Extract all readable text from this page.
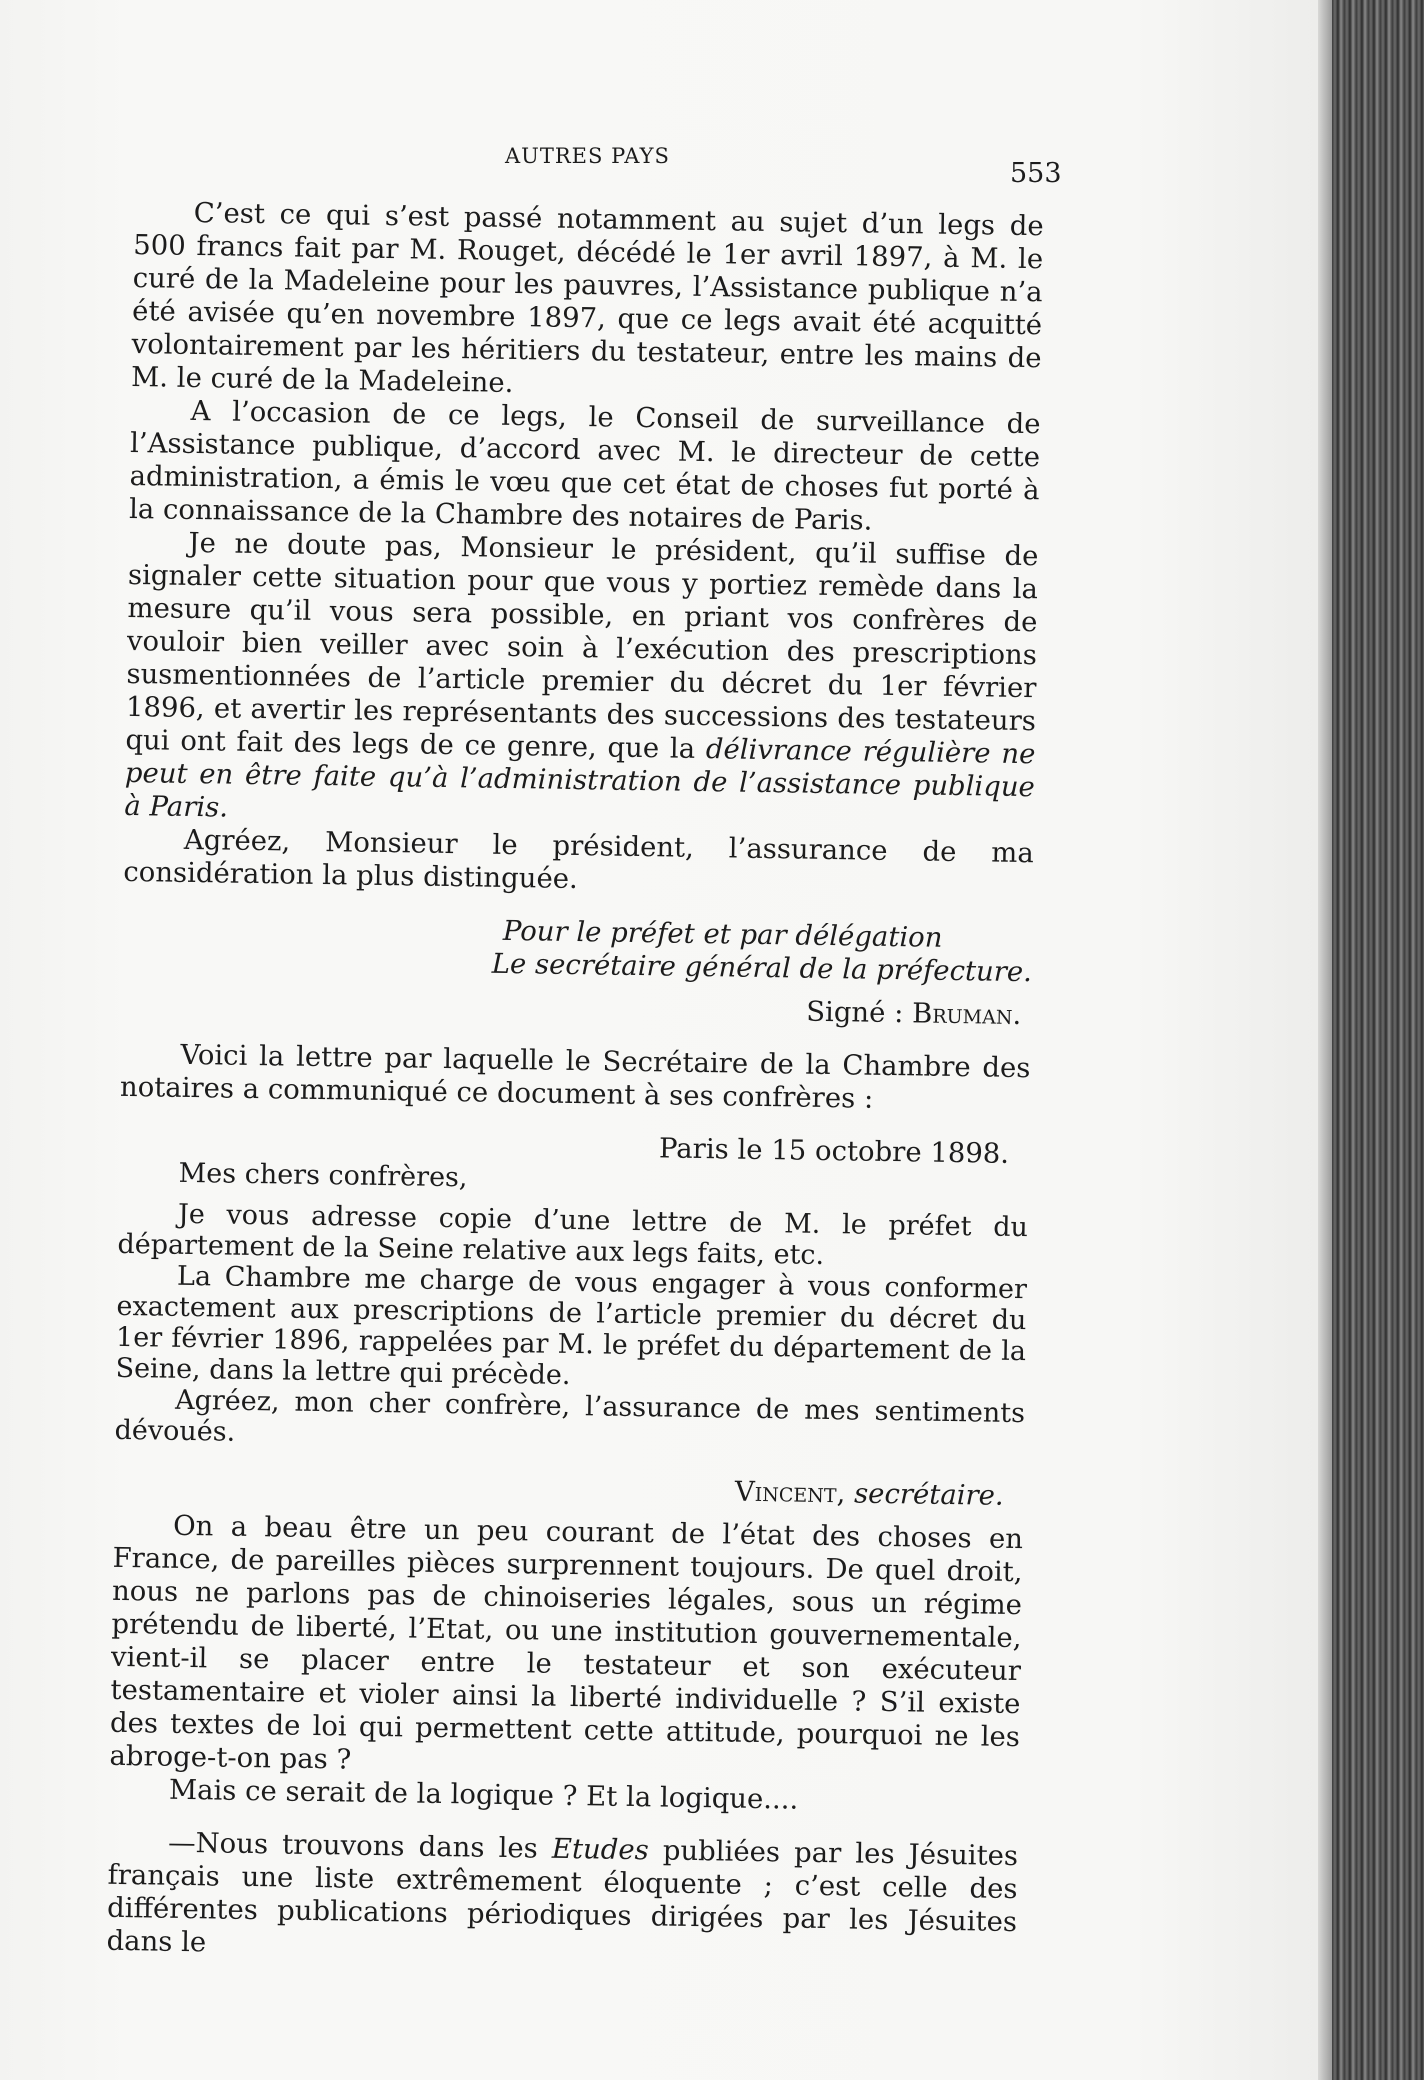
AUTRES PAYS
553

C’est ce qui s’est passé notamment au sujet d’un legs de 500 francs fait par M. Rouget, décédé le 1er avril 1897, à M. le curé de la Madeleine pour les pauvres, l’Assistance publique n’a été avisée qu’en novembre 1897, que ce legs avait été acquitté volontairement par les héritiers du testateur, entre les mains de M. le curé de la Madeleine.

A l’occasion de ce legs, le Conseil de surveillance de l’Assistance publique, d’accord avec M. le directeur de cette administration, a émis le vœu que cet état de choses fut porté à la connaissance de la Chambre des notaires de Paris.

Je ne doute pas, Monsieur le président, qu’il suffise de signaler cette situation pour que vous y portiez remède dans la mesure qu’il vous sera possible, en priant vos confrères de vouloir bien veiller avec soin à l’exécution des prescriptions susmentionnées de l’article premier du décret du 1er février 1896, et avertir les représentants des successions des testateurs qui ont fait des legs de ce genre, que la délivrance régulière ne peut en être faite qu’à l’administration de l’assistance publique à Paris.

Agréez, Monsieur le président, l’assurance de ma considération la plus distinguée.

Pour le préfet et par délégation

Le secrétaire général de la préfecture.

Signé : Bruman.

Voici la lettre par laquelle le Secrétaire de la Chambre des notaires a communiqué ce document à ses confrères :

Paris le 15 octobre 1898.

Mes chers confrères,

Je vous adresse copie d’une lettre de M. le préfet du département de la Seine relative aux legs faits, etc.

La Chambre me charge de vous engager à vous conformer exactement aux prescriptions de l’article premier du décret du 1er février 1896, rappelées par M. le préfet du département de la Seine, dans la lettre qui précède.

Agréez, mon cher confrère, l’assurance de mes sentiments dévoués.

Vincent, secrétaire.

On a beau être un peu courant de l’état des choses en France, de pareilles pièces surprennent toujours. De quel droit, nous ne parlons pas de chinoiseries légales, sous un régime prétendu de liberté, l’Etat, ou une institution gouvernementale, vient-il se placer entre le testateur et son exécuteur testamentaire et violer ainsi la liberté individuelle ? S’il existe des textes de loi qui permettent cette attitude, pourquoi ne les abroge-t-on pas ?

Mais ce serait de la logique ? Et la logique....

—Nous trouvons dans les Etudes publiées par les Jésuites français une liste extrêmement éloquente ; c’est celle des différentes publications périodiques dirigées par les Jésuites dans le
